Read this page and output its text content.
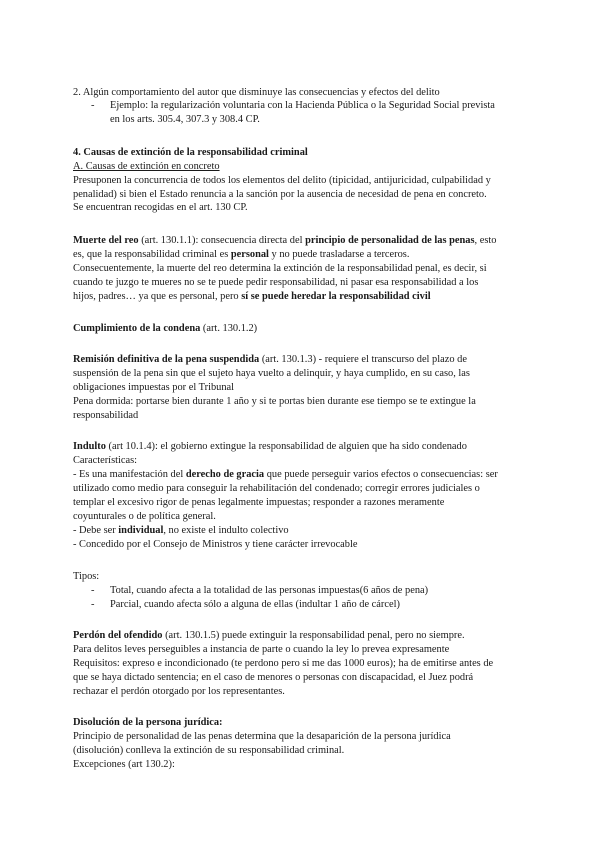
2. Algún comportamiento del autor que disminuye las consecuencias y efectos del delito
- Ejemplo: la regularización voluntaria con la Hacienda Pública o la Seguridad Social prevista
en los arts. 305.4, 307.3 y 308.4 CP.
4. Causas de extinción de la responsabilidad criminal
A. Causas de extinción en concreto
Presuponen la concurrencia de todos los elementos del delito (tipicidad, antijuricidad, culpabilidad y
penalidad) si bien el Estado renuncia a la sanción por la ausencia de necesidad de pena en concreto.
Se encuentran recogidas en el art. 130 CP.
Muerte del reo (art. 130.1.1): consecuencia directa del principio de personalidad de las penas, esto
es, que la responsabilidad criminal es personal y no puede trasladarse a terceros.
Consecuentemente, la muerte del reo determina la extinción de la responsabilidad penal, es decir, si
cuando te juzgo te mueres no se te puede pedir responsabilidad, ni pasar esa responsabilidad a los
hijos, padres… ya que es personal, pero sí se puede heredar la responsabilidad civil
Cumplimiento de la condena (art. 130.1.2)
Remisión definitiva de la pena suspendida (art. 130.1.3) - requiere el transcurso del plazo de
suspensión de la pena sin que el sujeto haya vuelto a delinquir, y haya cumplido, en su caso, las
obligaciones impuestas por el Tribunal
Pena dormida: portarse bien durante 1 año y si te portas bien durante ese tiempo se te extingue la
responsabilidad
Indulto (art 10.1.4): el gobierno extingue la responsabilidad de alguien que ha sido condenado
Características:
- Es una manifestación del derecho de gracia que puede perseguir varios efectos o consecuencias: ser
utilizado como medio para conseguir la rehabilitación del condenado; corregir errores judiciales o
templar el excesivo rigor de penas legalmente impuestas; responder a razones meramente
coyunturales o de política general.
- Debe ser individual, no existe el indulto colectivo
- Concedido por el Consejo de Ministros y tiene carácter irrevocable
Tipos:
- Total, cuando afecta a la totalidad de las personas impuestas(6 años de pena)
- Parcial, cuando afecta sólo a alguna de ellas (indultar 1 año de cárcel)
Perdón del ofendido (art. 130.1.5) puede extinguir la responsabilidad penal, pero no siempre.
Para delitos leves perseguibles a instancia de parte o cuando la ley lo prevea expresamente
Requisitos: expreso e incondicionado (te perdono pero si me das 1000 euros); ha de emitirse antes de
que se haya dictado sentencia; en el caso de menores o personas con discapacidad, el Juez podrá
rechazar el perdón otorgado por los representantes.
Disolución de la persona jurídica:
Principio de personalidad de las penas determina que la desaparición de la persona jurídica
(disolución) conlleva la extinción de su responsabilidad criminal.
Excepciones (art 130.2):
